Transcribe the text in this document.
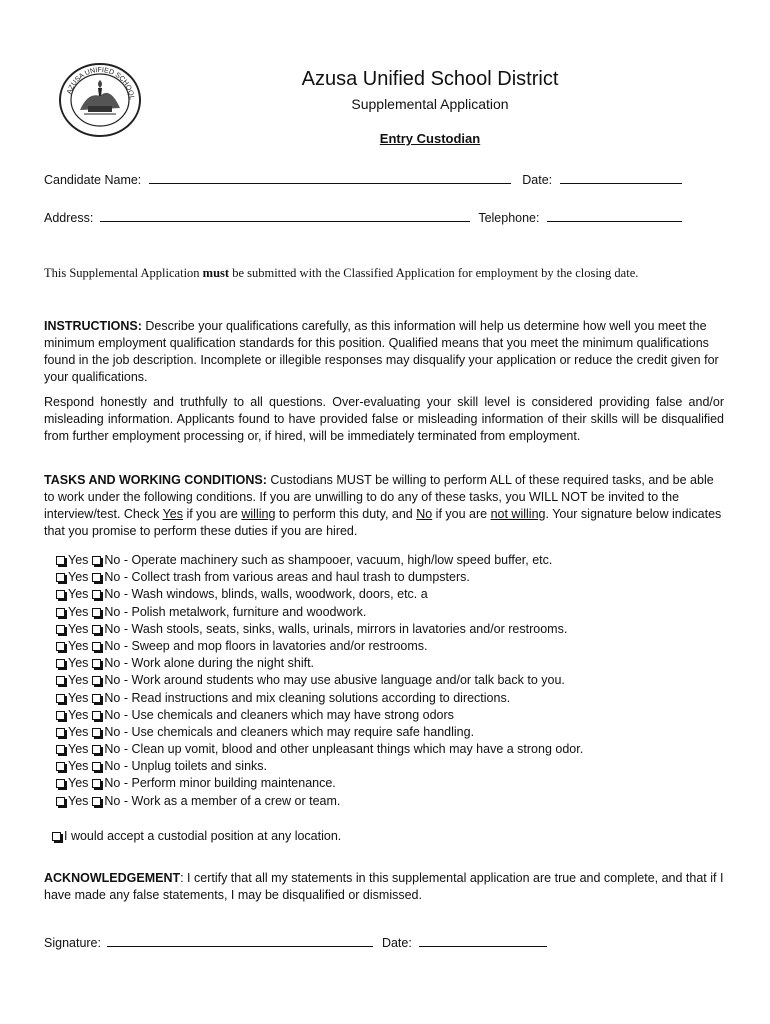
AZUSA UNIFIED SCHOOL
Azusa Unified School District
Supplemental Application
Entry Custodian
Candidate Name:	Date:
Address:	Telephone:
This Supplemental Application must be submitted with the Classified Application for employment by the closing date.
INSTRUCTIONS: Describe your qualifications carefully, as this information will help us determine how well you meet the minimum employment qualification standards for this position. Qualified means that you meet the minimum qualifications found in the job description. Incomplete or illegible responses may disqualify your application or reduce the credit given for your qualifications.
Respond honestly and truthfully to all questions. Over-evaluating your skill level is considered providing false and/or misleading information. Applicants found to have provided false or misleading information of their skills will be disqualified from further employment processing or, if hired, will be immediately terminated from employment.
TASKS AND WORKING CONDITIONS: Custodians MUST be willing to perform ALL of these required tasks, and be able to work under the following conditions. If you are unwilling to do any of these tasks, you WILL NOT be invited to the interview/test. Check Yes if you are willing to perform this duty, and No if you are not willing. Your signature below indicates that you promise to perform these duties if you are hired.
Yes No - Operate machinery such as shampooer, vacuum, high/low speed buffer, etc.
Yes No - Collect trash from various areas and haul trash to dumpsters.
Yes No - Wash windows, blinds, walls, woodwork, doors, etc. a
Yes No - Polish metalwork, furniture and woodwork.
Yes No - Wash stools, seats, sinks, walls, urinals, mirrors in lavatories and/or restrooms.
Yes No - Sweep and mop floors in lavatories and/or restrooms.
Yes No - Work alone during the night shift.
Yes No - Work around students who may use abusive language and/or talk back to you.
Yes No - Read instructions and mix cleaning solutions according to directions.
Yes No - Use chemicals and cleaners which may have strong odors
Yes No - Use chemicals and cleaners which may require safe handling.
Yes No - Clean up vomit, blood and other unpleasant things which may have a strong odor.
Yes No - Unplug toilets and sinks.
Yes No - Perform minor building maintenance.
Yes No - Work as a member of a crew or team.
I would accept a custodial position at any location.
ACKNOWLEDGEMENT: I certify that all my statements in this supplemental application are true and complete, and that if I have made any false statements, I may be disqualified or dismissed.
Signature:	Date:
